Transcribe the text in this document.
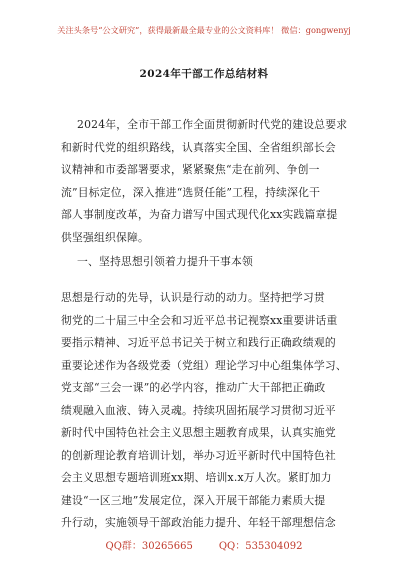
关注头条号“公文研究”，获得最新最全最专业的公文资料库！ 微信：gongwenyj
2024年干部工作总结材料
2024年，全市干部工作全面贯彻新时代党的建设总要求
和新时代党的组织路线，认真落实全国、全省组织部长会
议精神和市委部署要求，紧紧聚焦“走在前列、争创一
流”目标定位，深入推进“选贤任能”工程，持续深化干
部人事制度改革，为奋力谱写中国式现代化xx实践篇章提
供坚强组织保障。
一、坚持思想引领着力提升干事本领
思想是行动的先导，认识是行动的动力。坚持把学习贯
彻党的二十届三中全会和习近平总书记视察xx重要讲话重
要指示精神、习近平总书记关于树立和践行正确政绩观的
重要论述作为各级党委（党组）理论学习中心组集体学习、
党支部“三会一课”的必学内容，推动广大干部把正确政
绩观融入血液、铸入灵魂。持续巩固拓展学习贯彻习近平
新时代中国特色社会主义思想主题教育成果，认真实施党
的创新理论教育培训计划，举办习近平新时代中国特色社
会主义思想专题培训班xx期、培训x.x万人次。紧盯加力
建设“一区三地”发展定位，深入开展干部能力素质大提
升行动，实施领导干部政治能力提升、年轻干部理想信念
QQ群：30265665	QQ：535304092
